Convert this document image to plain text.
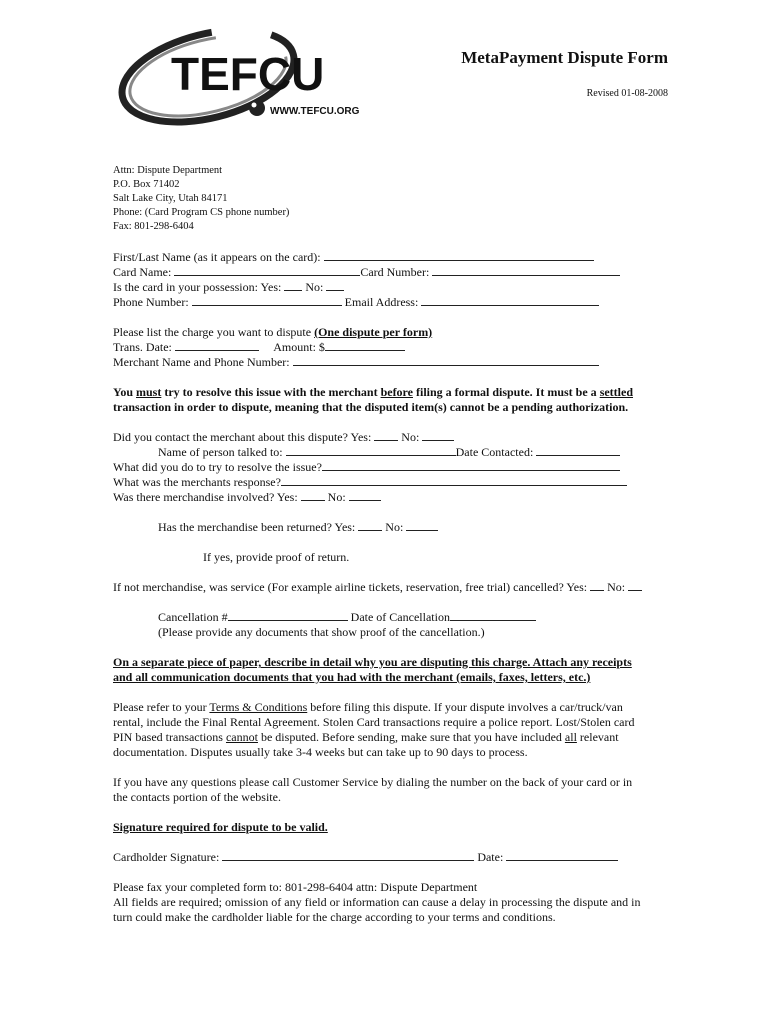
TEFCU
WWW.TEFCU.ORG
MetaPayment Dispute Form
Revised 01-08-2008
Attn: Dispute Department
P.O. Box 71402
Salt Lake City, Utah 84171
Phone: (Card Program CS phone number)
Fax: 801-298-6404
First/Last Name (as it appears on the card):
Card Name:	Card Number:
Is the card in your possession: Yes: No:
Phone Number:	Email Address:
Please list the charge you want to dispute (One dispute per form)
Trans. Date:	Amount: $
Merchant Name and Phone Number:
You must try to resolve this issue with the merchant before filing a formal dispute. It must be a settled
transaction in order to dispute, meaning that the disputed item(s) cannot be a pending authorization.
Did you contact the merchant about this dispute? Yes:	No:
Name of person talked to:	Date Contacted:
What did you do to try to resolve the issue?
What was the merchants response?
Was there merchandise involved? Yes:	No:
Has the merchandise been returned? Yes:	No:
If yes, provide proof of return.
If not merchandise, was service (For example airline tickets, reservation, free trial) cancelled? Yes: No:
Cancellation #	Date of Cancellation
(Please provide any documents that show proof of the cancellation.)
On a separate piece of paper, describe in detail why you are disputing this charge. Attach any receipts
and all communication documents that you had with the merchant (emails, faxes, letters, etc.)
Please refer to your Terms & Conditions before filing this dispute. If your dispute involves a car/truck/van
rental, include the Final Rental Agreement. Stolen Card transactions require a police report. Lost/Stolen card
PIN based transactions cannot be disputed. Before sending, make sure that you have included all relevant
documentation. Disputes usually take 3-4 weeks but can take up to 90 days to process.
If you have any questions please call Customer Service by dialing the number on the back of your card or in
the contacts portion of the website.
Signature required for dispute to be valid.
Cardholder Signature:	Date:
Please fax your completed form to: 801-298-6404 attn: Dispute Department
All fields are required; omission of any field or information can cause a delay in processing the dispute and in
turn could make the cardholder liable for the charge according to your terms and conditions.
